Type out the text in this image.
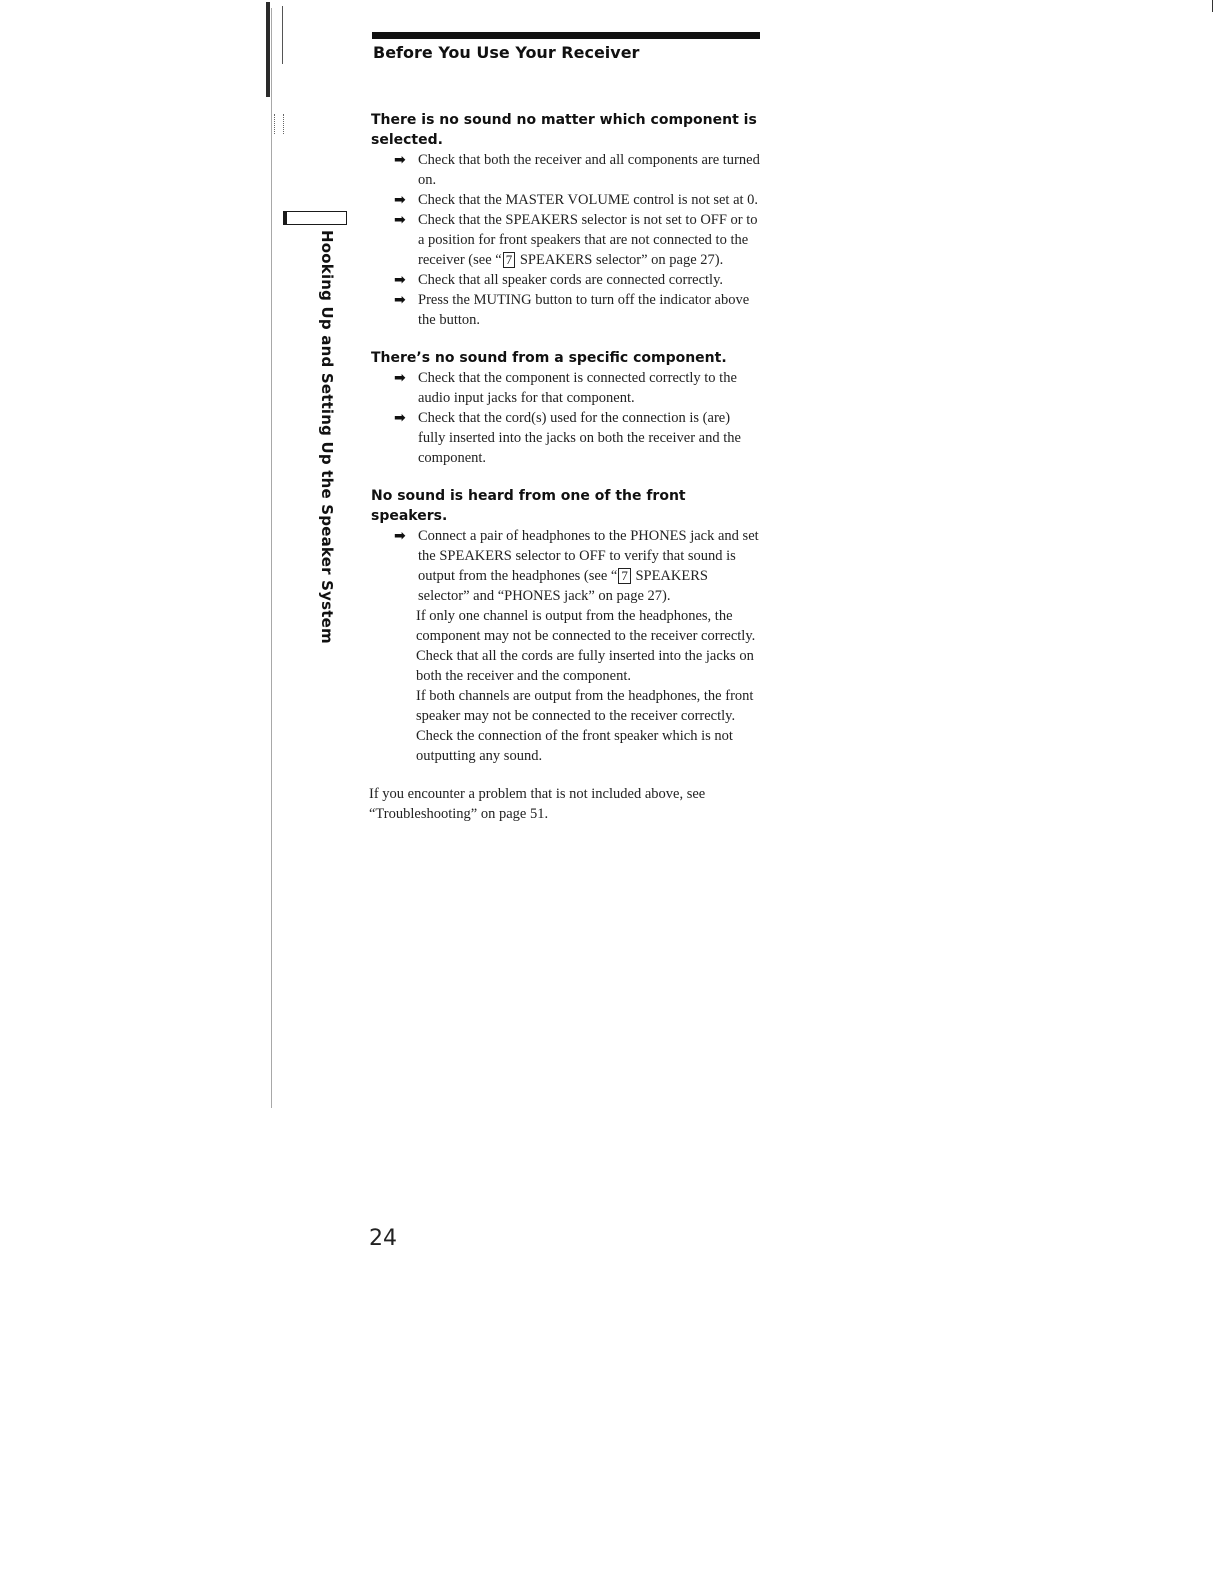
Hooking Up and Setting Up the Speaker System
Before You Use Your Receiver

There is no sound no matter which component is selected.

➡ Check that both the receiver and all components are turned on.
➡ Check that the MASTER VOLUME control is not set at 0.
➡ Check that the SPEAKERS selector is not set to OFF or to a position for front speakers that are not connected to the receiver (see “ 7 SPEAKERS selector” on page 27).
➡ Check that all speaker cords are connected correctly.
➡ Press the MUTING button to turn off the indicator above the button.

There’s no sound from a specific component.

➡ Check that the component is connected correctly to the audio input jacks for that component.
➡ Check that the cord(s) used for the connection is (are) fully inserted into the jacks on both the receiver and the component.

No sound is heard from one of the front speakers.

➡ Connect a pair of headphones to the PHONES jack and set the SPEAKERS selector to OFF to verify that sound is output from the headphones (see “ 7 SPEAKERS selector” and “PHONES jack” on page 27).
If only one channel is output from the headphones, the component may not be connected to the receiver correctly. Check that all the cords are fully inserted into the jacks on both the receiver and the component.
If both channels are output from the headphones, the front speaker may not be connected to the receiver correctly. Check the connection of the front speaker which is not outputting any sound.
If you encounter a problem that is not included above, see “Troubleshooting” on page 51.
24
